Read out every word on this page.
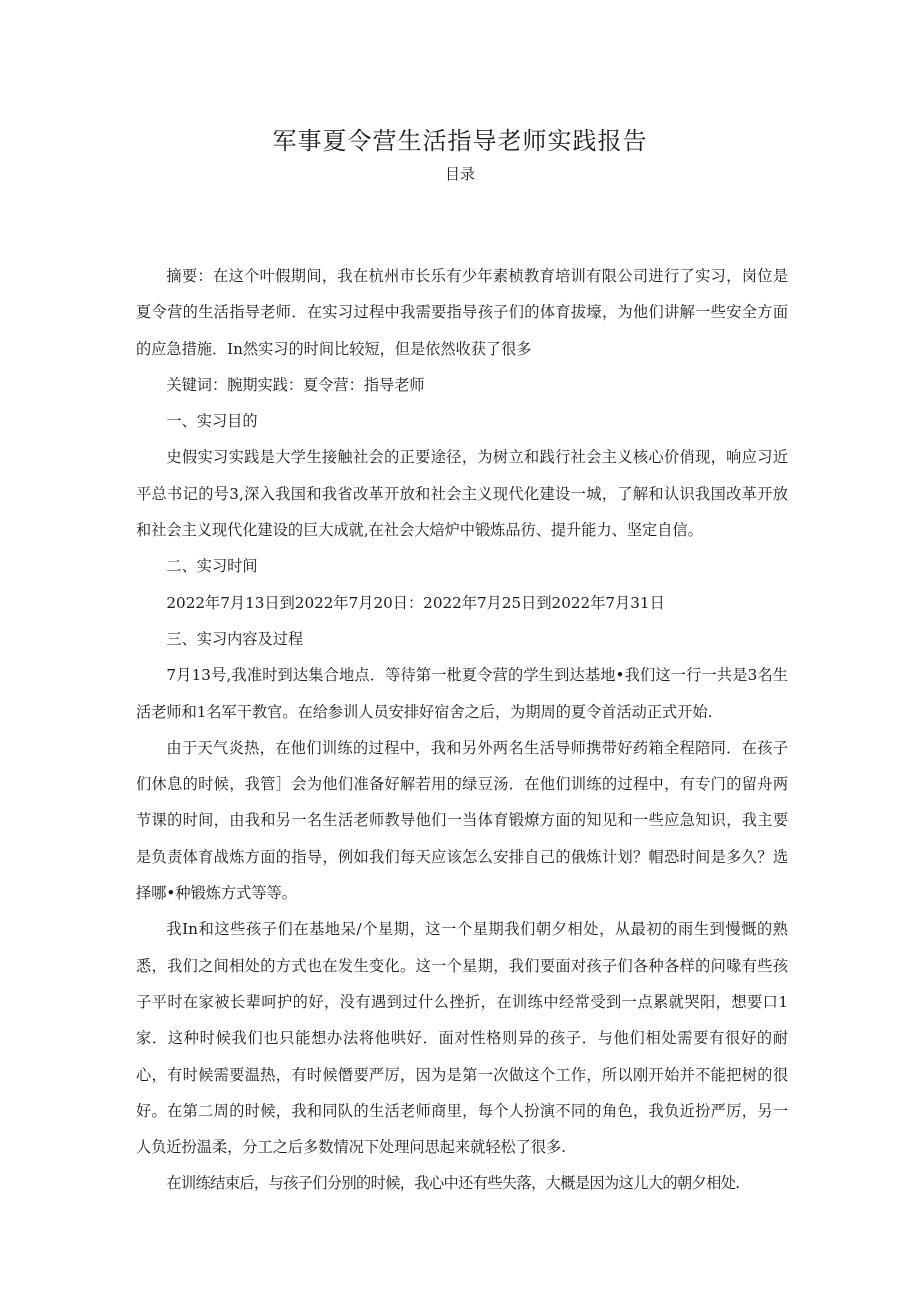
军事夏令营生活指导老师实践报告
目录

摘要：在这个叶假期间，我在杭州市长乐有少年素桢教育培训有限公司进行了实习，岗位是夏令营的生活指导老师．在实习过程中我需要指导孩子们的体育拔壕，为他们讲解一些安全方面的应急措施．In然实习的时间比较短，但是依然收获了很多

关键词：腕期实践：夏令营：指导老师

一、实习目的

史假实习实践是大学生接触社会的正要途径，为树立和践行社会主义核心价俏现，响应习近平总书记的号3,深入我国和我省改革开放和社会主义现代化建设一城，了解和认识我国改革开放和社会主义现代化建设的巨大成就,在社会大焙炉中锻炼品彷、提升能力、坚定自信。

二、实习时间

2022年7月13日到2022年7月20日：2022年7月25日到2022年7月31日

三、实习内容及过程

7月13号,我准时到达集合地点．等待第一枇夏令营的学生到达基地•我们这一行一共是3名生活老师和1名军干教官。在给参训人员安排好宿舍之后，为期周的夏令首活动正式开始.

由于天气炎热，在他们训练的过程中，我和另外两名生活导师携带好药箱全程陪同．在孩子们休息的时候，我管］会为他们准备好解若用的绿豆汤．在他们训练的过程中，有专门的留舟两节课的时间，由我和另一名生活老师教导他们一当体育锻燎方面的知见和一些应急知识，我主要是负责体育战炼方面的指导，例如我们每天应该怎么安排自己的俄炼计划？帽恐时间是多久？选择哪•种锻炼方式等等。

我In和这些孩子们在基地呆/个星期，这一个星期我们朝夕相处，从最初的雨生到慢慨的熟悉，我们之间相处的方式也在发生变化。这一个星期，我们要面对孩子们各种各样的问喙有些孩子平时在家被长辈呵护的好，没有遇到过什么挫折，在训练中经常受到一点累就哭阳，想要口1家．这种时候我们也只能想办法将他哄好．面对性格则异的孩子．与他们相处需要有很好的耐心，有时候需要温热，有时候僭要严厉，因为是第一次做这个工作，所以刚开始并不能把树的很好。在第二周的时候，我和同队的生活老师商里，每个人扮演不同的角色，我负近扮严厉，另一人负近扮温柔，分工之后多数情况下处理问思起来就轻松了很多.

在训练结束后，与孩子们分别的时候，我心中还有些失落，大概是因为这儿大的朝夕相处.
